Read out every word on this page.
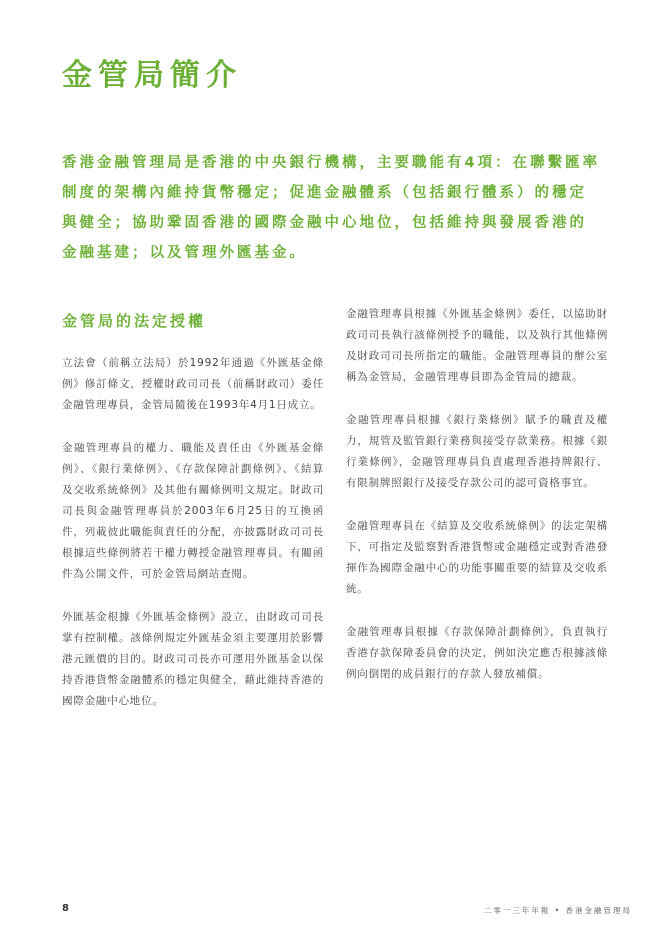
金管局簡介
香港金融管理局是香港的中央銀行機構，主要職能有4項：在聯繫匯率制度的架構內維持貨幣穩定；促進金融體系（包括銀行體系）的穩定與健全；協助鞏固香港的國際金融中心地位，包括維持與發展香港的金融基建；以及管理外匯基金。
金管局的法定授權

立法會（前稱立法局）於1992年通過《外匯基金條例》修訂條文，授權財政司司長（前稱財政司）委任金融管理專員，金管局隨後在1993年4月1日成立。

金融管理專員的權力、職能及責任由《外匯基金條例》、《銀行業條例》、《存款保障計劃條例》、《結算及交收系統條例》及其他有關條例明文規定。財政司司長與金融管理專員於2003年6月25日的互換函件，列載彼此職能與責任的分配，亦披露財政司司長根據這些條例將若干權力轉授金融管理專員。有關函件為公開文件，可於金管局網站查閱。

外匯基金根據《外匯基金條例》設立，由財政司司長掌有控制權。該條例規定外匯基金須主要運用於影響港元匯價的目的。財政司司長亦可運用外匯基金以保持香港貨幣金融體系的穩定與健全，藉此維持香港的國際金融中心地位。

金融管理專員根據《外匯基金條例》委任，以協助財政司司長執行該條例授予的職能，以及執行其他條例及財政司司長所指定的職能。金融管理專員的辦公室稱為金管局，金融管理專員即為金管局的總裁。

金融管理專員根據《銀行業條例》賦予的職責及權力，規管及監管銀行業務與接受存款業務。根據《銀行業條例》，金融管理專員負責處理香港持牌銀行、有限制牌照銀行及接受存款公司的認可資格事宜。

金融管理專員在《結算及交收系統條例》的法定架構下，可指定及監察對香港貨幣或金融穩定或對香港發揮作為國際金融中心的功能事關重要的結算及交收系統。

金融管理專員根據《存款保障計劃條例》，負責執行香港存款保障委員會的決定，例如決定應否根據該條例向倒閉的成員銀行的存款人發放補償。

8	二零一三年年報 • 香港金融管理局
